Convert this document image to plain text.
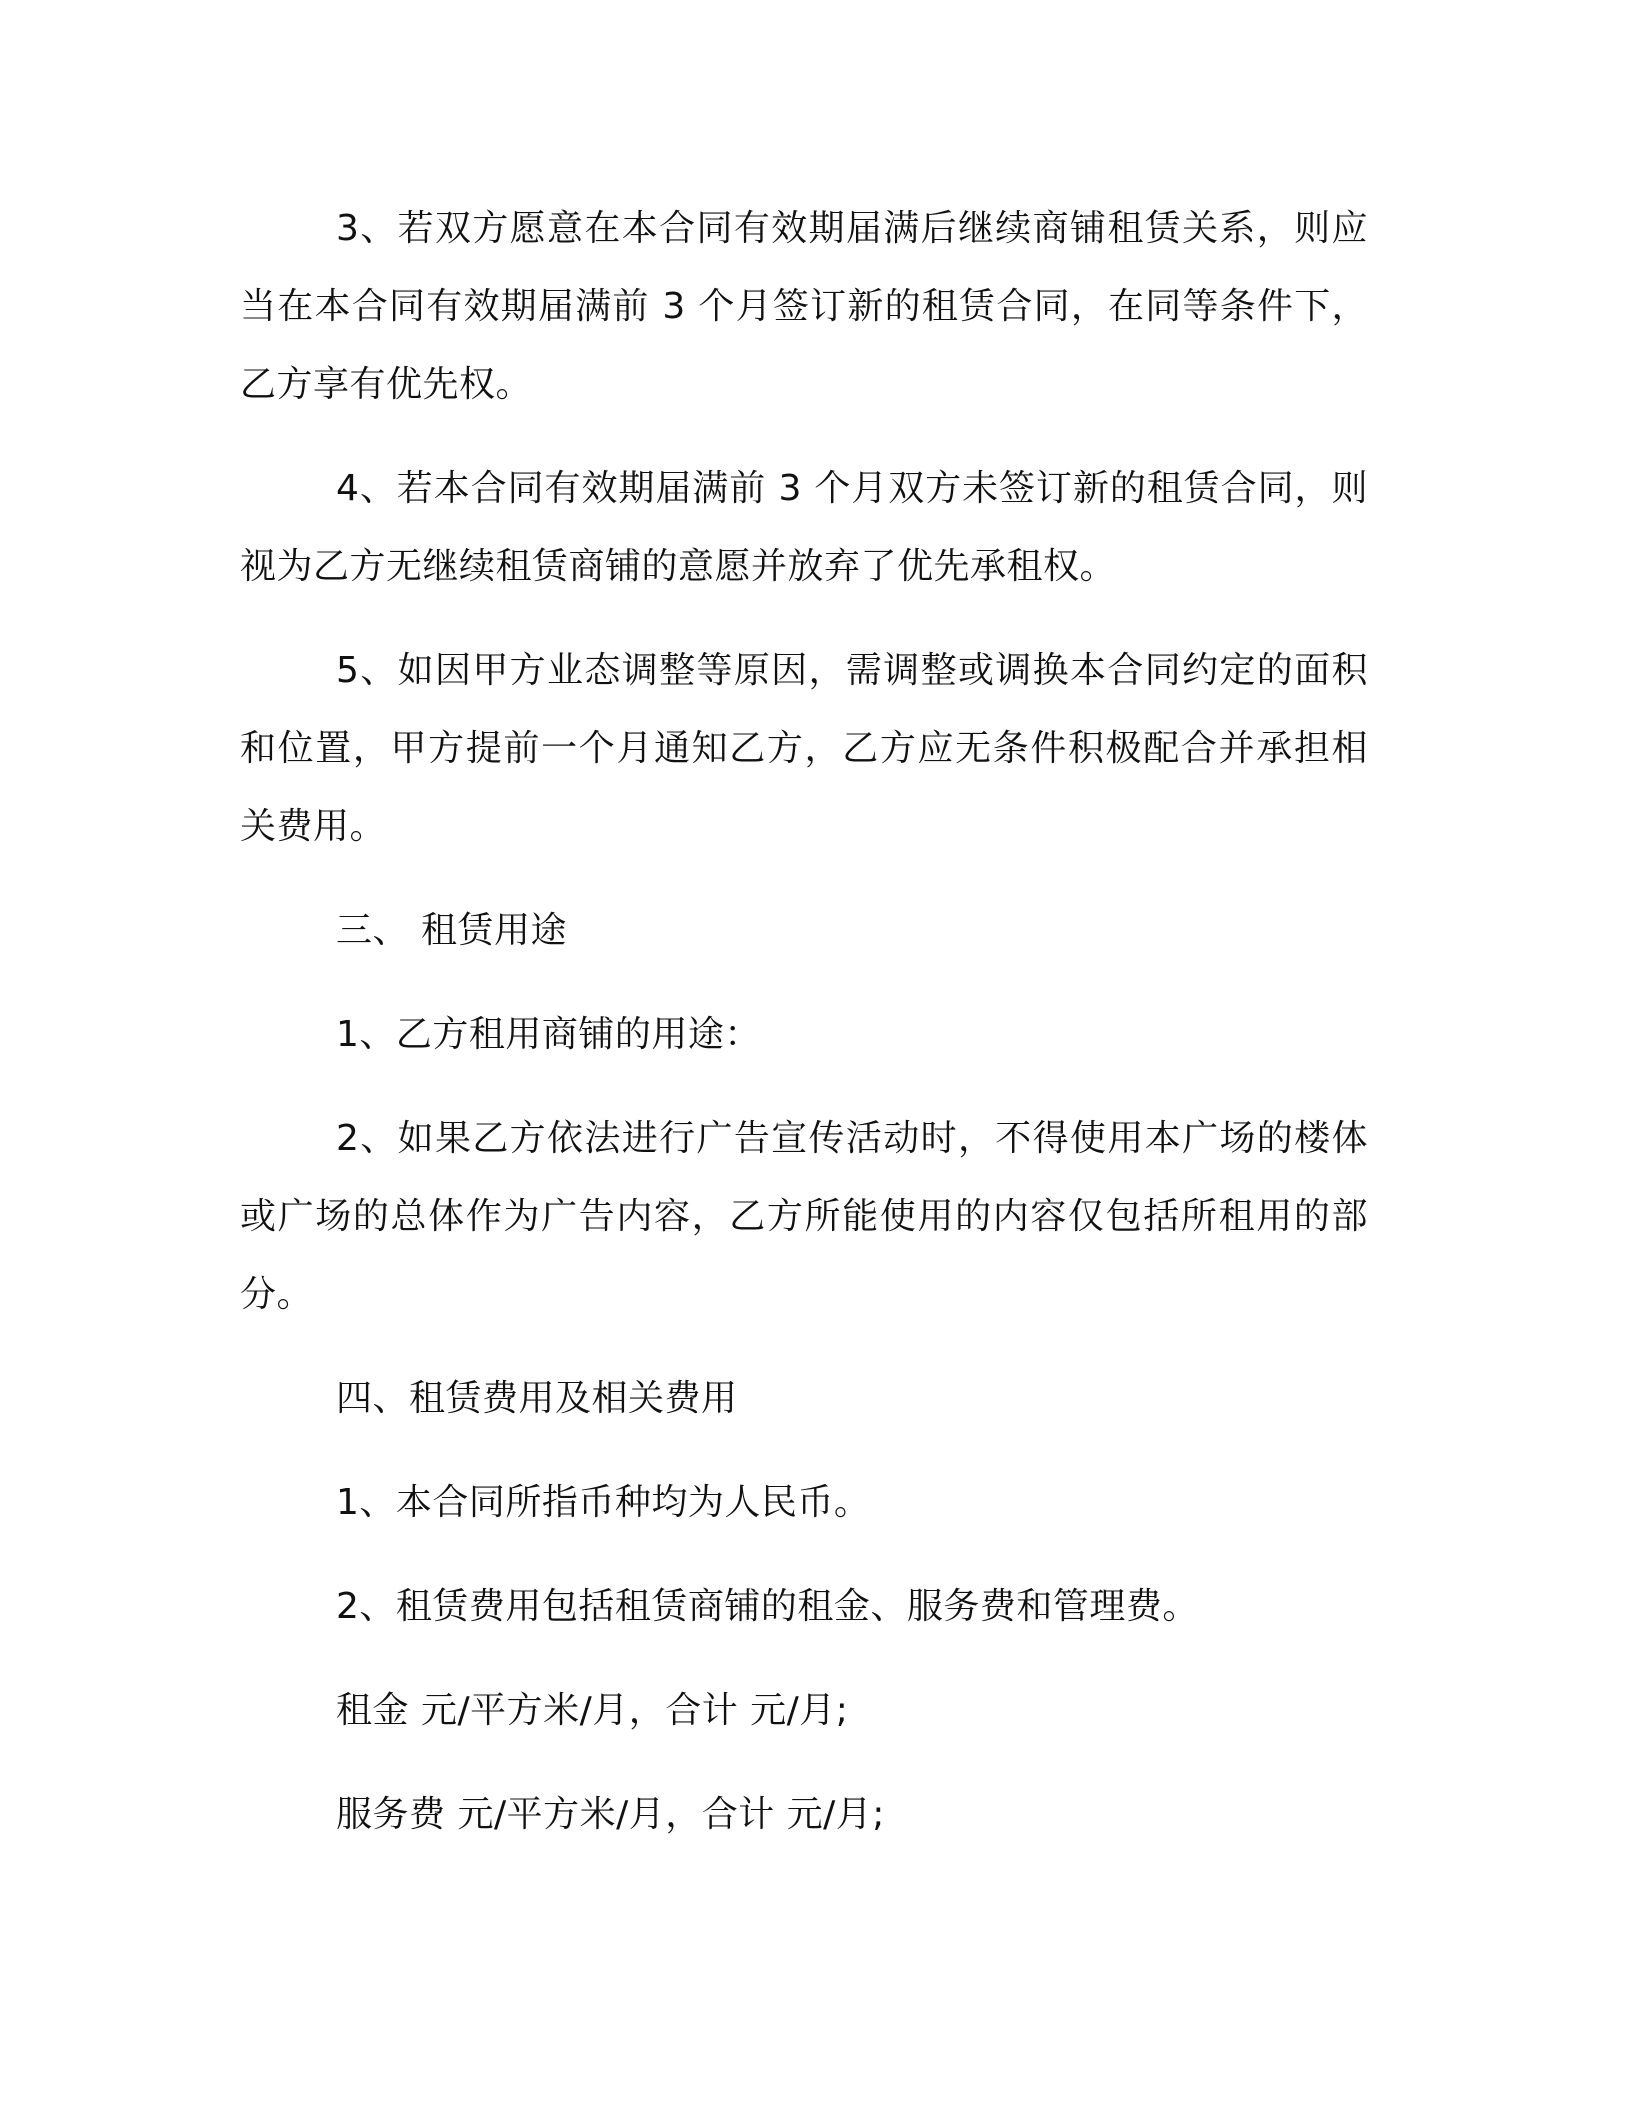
3、若双方愿意在本合同有效期届满后继续商铺租赁关系，则应当在本合同有效期届满前 3 个月签订新的租赁合同，在同等条件下，乙方享有优先权。

4、若本合同有效期届满前 3 个月双方未签订新的租赁合同，则视为乙方无继续租赁商铺的意愿并放弃了优先承租权。

5、如因甲方业态调整等原因，需调整或调换本合同约定的面积和位置，甲方提前一个月通知乙方，乙方应无条件积极配合并承担相关费用。

三、 租赁用途

1、乙方租用商铺的用途：

2、如果乙方依法进行广告宣传活动时，不得使用本广场的楼体或广场的总体作为广告内容，乙方所能使用的内容仅包括所租用的部分。

四、租赁费用及相关费用

1、本合同所指币种均为人民币。

2、租赁费用包括租赁商铺的租金、服务费和管理费。

租金 元/平方米/月，合计 元/月;

服务费 元/平方米/月，合计 元/月;
